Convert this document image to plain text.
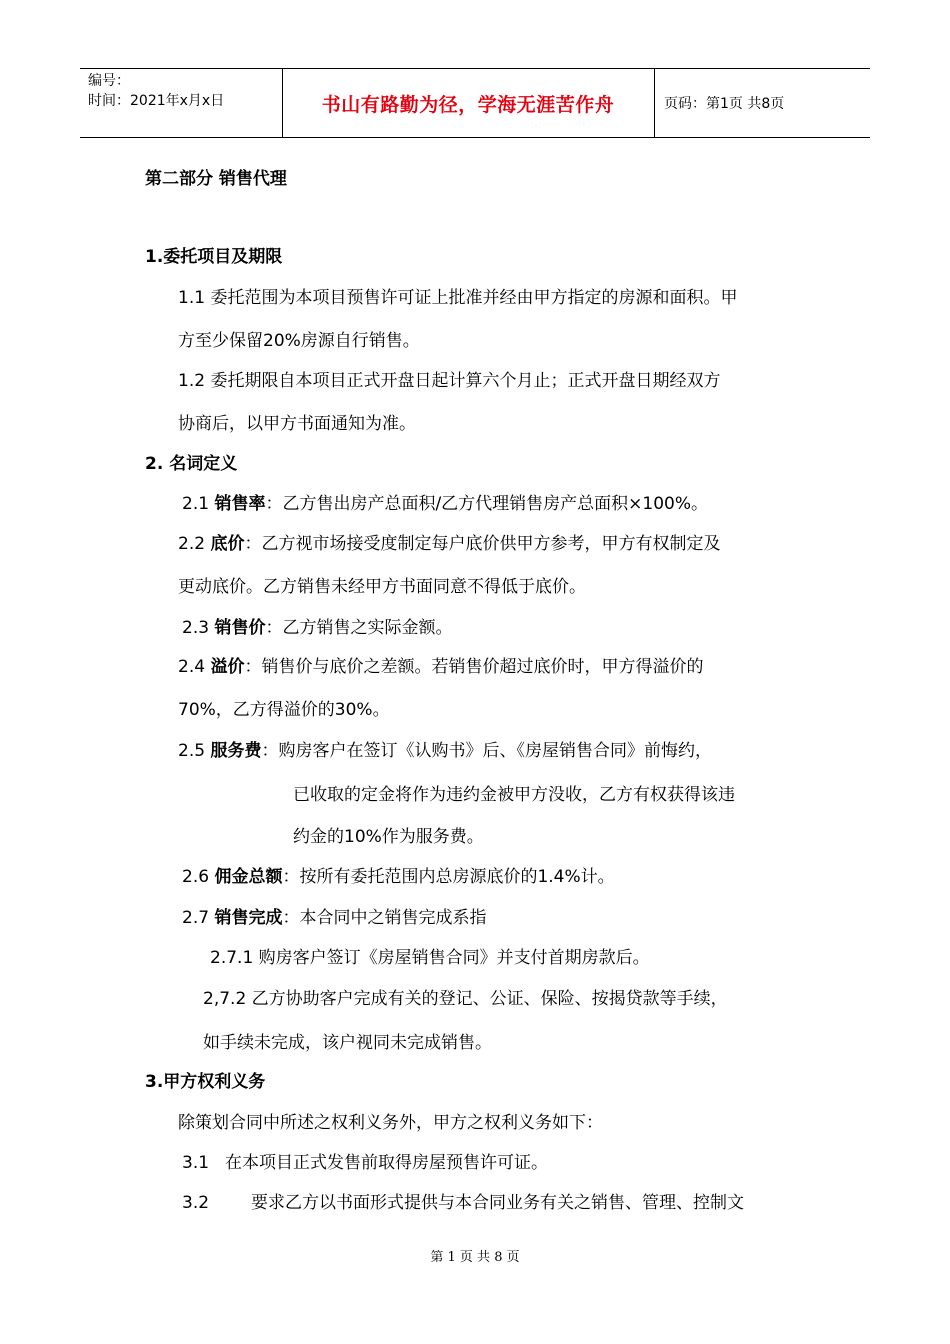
编号：
时间：2021年x月x日	书山有路勤为径，学海无涯苦作舟	页码：第1页 共8页
第二部分 销售代理
1.委托项目及期限
1.1 委托范围为本项目预售许可证上批准并经由甲方指定的房源和面积。甲
方至少保留20%房源自行销售。
1.2 委托期限自本项目正式开盘日起计算六个月止；正式开盘日期经双方
协商后，以甲方书面通知为准。
2. 名词定义
2.1 销售率：乙方售出房产总面积/乙方代理销售房产总面积×100%。
2.2 底价：乙方视市场接受度制定每户底价供甲方参考，甲方有权制定及
更动底价。乙方销售未经甲方书面同意不得低于底价。
2.3 销售价：乙方销售之实际金额。
2.4 溢价：销售价与底价之差额。若销售价超过底价时，甲方得溢价的
70%，乙方得溢价的30%。
2.5 服务费：购房客户在签订《认购书》后、《房屋销售合同》前悔约，
已收取的定金将作为违约金被甲方没收，乙方有权获得该违
约金的10%作为服务费。
2.6 佣金总额：按所有委托范围内总房源底价的1.4%计。
2.7 销售完成：本合同中之销售完成系指
2.7.1 购房客户签订《房屋销售合同》并支付首期房款后。
2,7.2 乙方协助客户完成有关的登记、公证、保险、按揭贷款等手续，
如手续未完成，该户视同未完成销售。
3.甲方权利义务
除策划合同中所述之权利义务外，甲方之权利义务如下：
3.1 在本项目正式发售前取得房屋预售许可证。
3.2 要求乙方以书面形式提供与本合同业务有关之销售、管理、控制文
第 1 页 共 8 页
